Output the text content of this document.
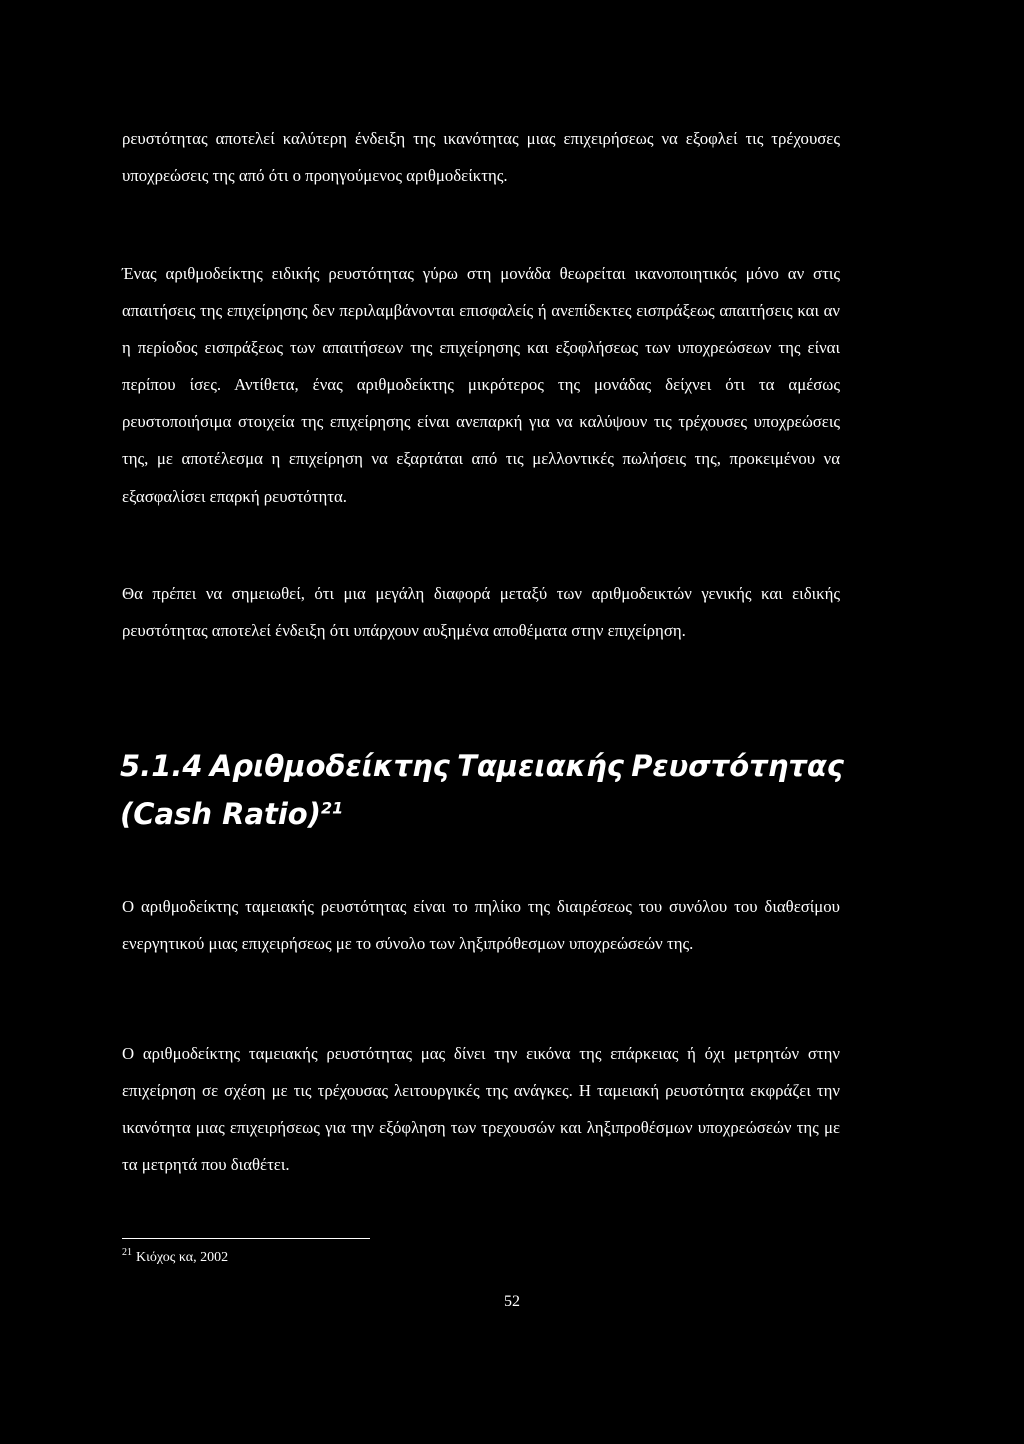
ρευστότητας αποτελεί καλύτερη ένδειξη της ικανότητας μιας επιχειρήσεως να εξοφλεί τις τρέχουσες υποχρεώσεις της από ότι ο προηγούμενος αριθμοδείκτης.

Ένας αριθμοδείκτης ειδικής ρευστότητας γύρω στη μονάδα θεωρείται ικανοποιητικός μόνο αν στις απαιτήσεις της επιχείρησης δεν περιλαμβάνονται επισφαλείς ή ανεπίδεκτες εισπράξεως απαιτήσεις και αν η περίοδος εισπράξεως των απαιτήσεων της επιχείρησης και εξοφλήσεως των υποχρεώσεων της είναι περίπου ίσες. Αντίθετα, ένας αριθμοδείκτης μικρότερος της μονάδας δείχνει ότι τα αμέσως ρευστοποιήσιμα στοιχεία της επιχείρησης είναι ανεπαρκή για να καλύψουν τις τρέχουσες υποχρεώσεις της, με αποτέλεσμα η επιχείρηση να εξαρτάται από τις μελλοντικές πωλήσεις της, προκειμένου να εξασφαλίσει επαρκή ρευστότητα.

Θα πρέπει να σημειωθεί, ότι μια μεγάλη διαφορά μεταξύ των αριθμοδεικτών γενικής και ειδικής ρευστότητας αποτελεί ένδειξη ότι υπάρχουν αυξημένα αποθέματα στην επιχείρηση.

5.1.4 Αριθμοδείκτης Ταμειακής Ρευστότητας
(Cash Ratio)$^{21}$

Ο αριθμοδείκτης ταμειακής ρευστότητας είναι το πηλίκο της διαιρέσεως του συνόλου του διαθεσίμου ενεργητικού μιας επιχειρήσεως με το σύνολο των ληξιπρόθεσμων υποχρεώσεών της.

Ο αριθμοδείκτης ταμειακής ρευστότητας μας δίνει την εικόνα της επάρκειας ή όχι μετρητών στην επιχείρηση σε σχέση με τις τρέχουσας λειτουργικές της ανάγκες. Η ταμειακή ρευστότητα εκφράζει την ικανότητα μιας επιχειρήσεως για την εξόφληση των τρεχουσών και ληξιπροθέσμων υποχρεώσεών της με τα μετρητά που διαθέτει.

$^{21}$ Κιόχος κα, 2002

52
